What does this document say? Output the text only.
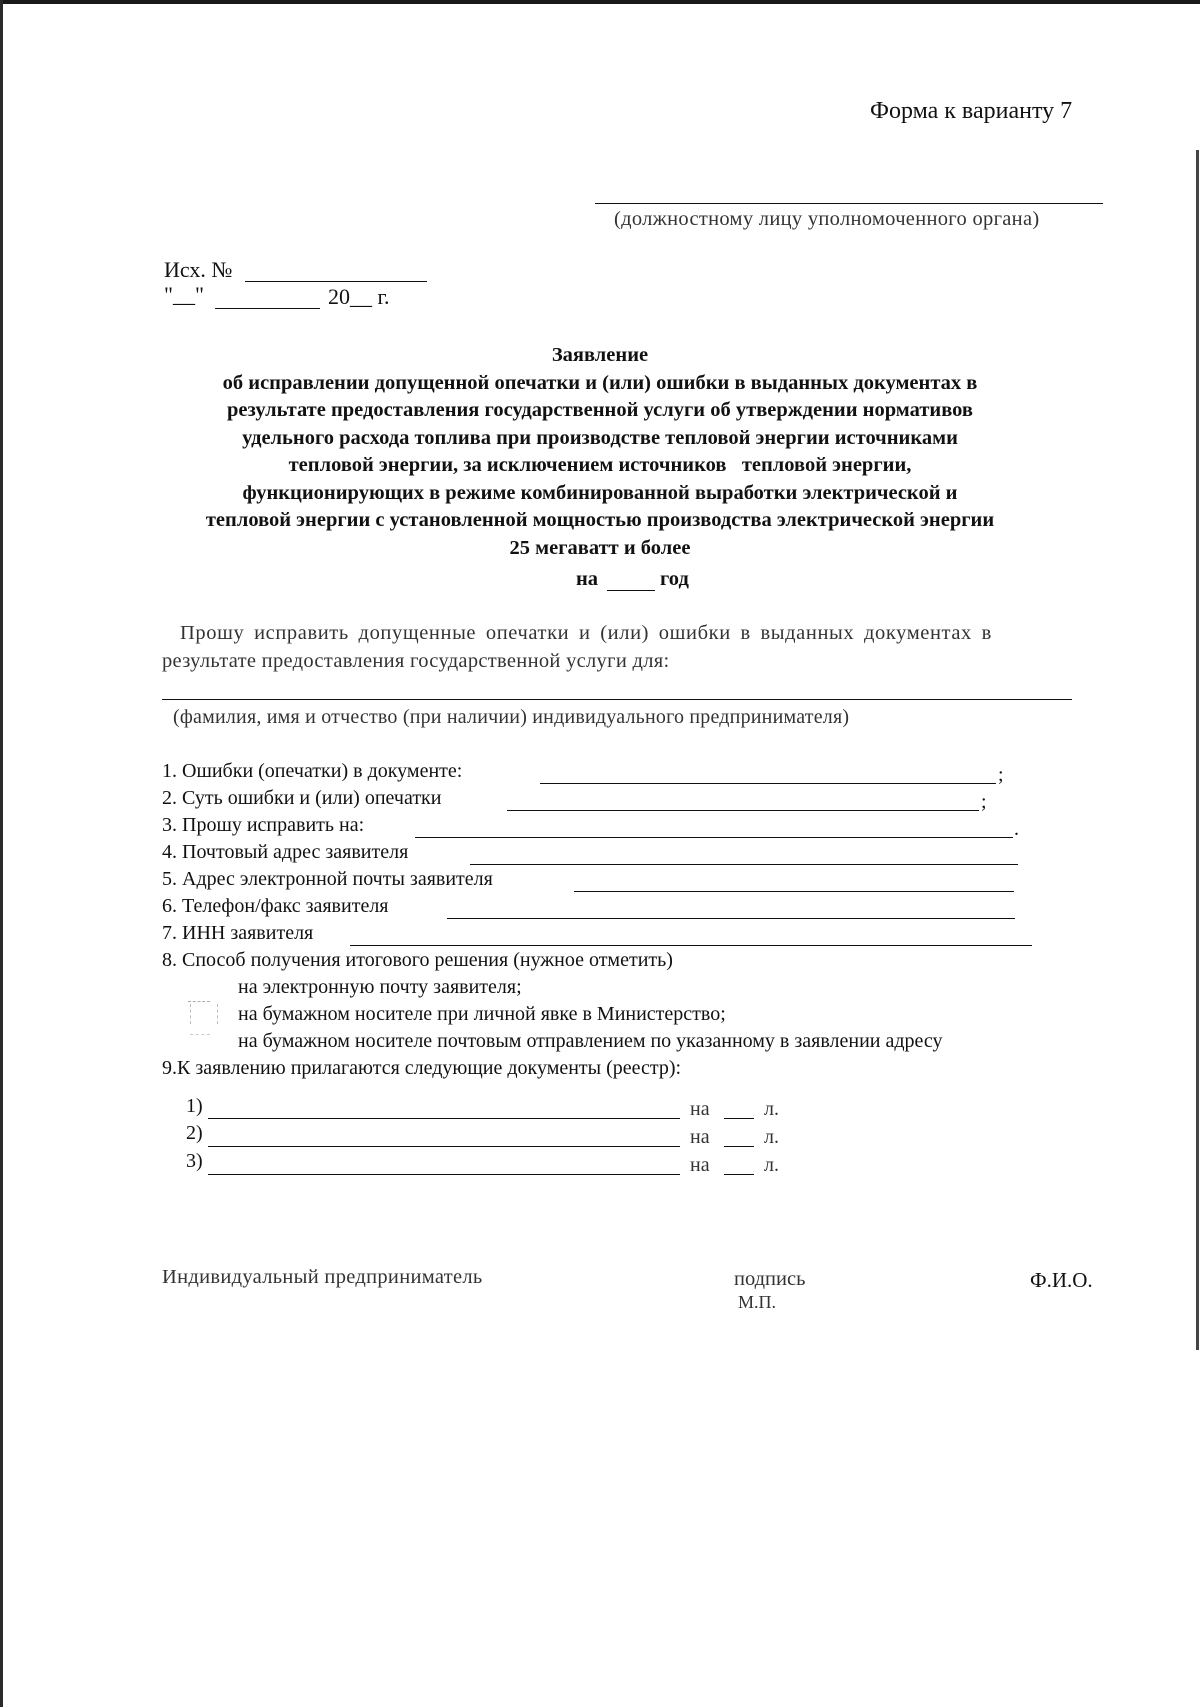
Форма к варианту 7
(должностному лицу уполномоченного органа)
Исх. №
"__"	20__ г.
Заявление
об исправлении допущенной опечатки и (или) ошибки в выданных документах в
результате предоставления государственной услуги об утверждении нормативов
удельного расхода топлива при производстве тепловой энергии источниками
тепловой энергии, за исключением источников   тепловой энергии,
функционирующих в режиме комбинированной выработки электрической и
тепловой энергии с установленной мощностью производства электрической энергии
25 мегаватт и более
на	год
Прошу исправить допущенные опечатки и (или) ошибки в выданных документах в
результате предоставления государственной услуги для:
(фамилия, имя и отчество (при наличии) индивидуального предпринимателя)
1. Ошибки (опечатки) в документе:	;
2. Суть ошибки и (или) опечатки	;
3. Прошу исправить на:	.
4. Почтовый адрес заявителя
5. Адрес электронной почты заявителя
6. Телефон/факс заявителя
7. ИНН заявителя
8. Способ получения итогового решения (нужное отметить)
на электронную почту заявителя;
на бумажном носителе при личной явке в Министерство;
на бумажном носителе почтовым отправлением по указанному в заявлении адресу
9.К заявлению прилагаются следующие документы (реестр):
1)	на	л.
2)	на	л.
3)	на	л.
Индивидуальный предприниматель	подпись
М.П.
Ф.И.О.
